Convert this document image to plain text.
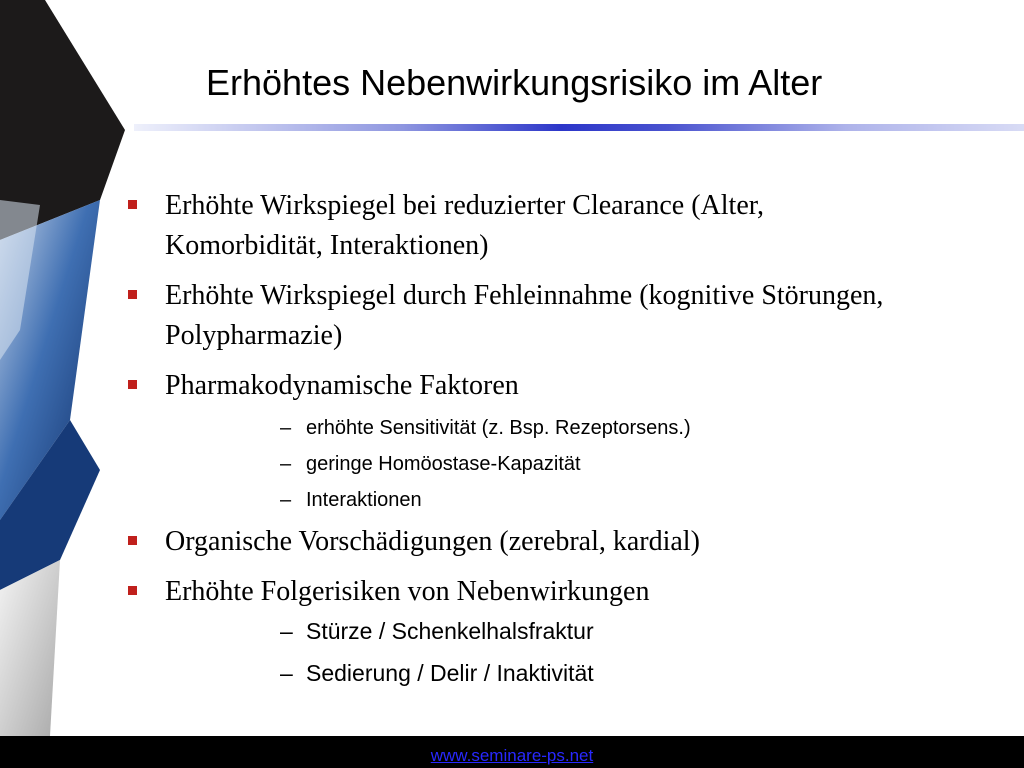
Erhöhtes Nebenwirkungsrisiko im Alter
Erhöhte Wirkspiegel bei reduzierter Clearance (Alter, Komorbidität, Interaktionen)
Erhöhte Wirkspiegel durch Fehleinnahme (kognitive Störungen, Polypharmazie)
Pharmakodynamische Faktoren
– erhöhte Sensitivität (z. Bsp. Rezeptorsens.)
– geringe Homöostase-Kapazität
– Interaktionen
Organische Vorschädigungen (zerebral, kardial)
Erhöhte Folgerisiken von Nebenwirkungen
– Stürze / Schenkelhalsfraktur
– Sedierung / Delir / Inaktivität
www.seminare-ps.net
